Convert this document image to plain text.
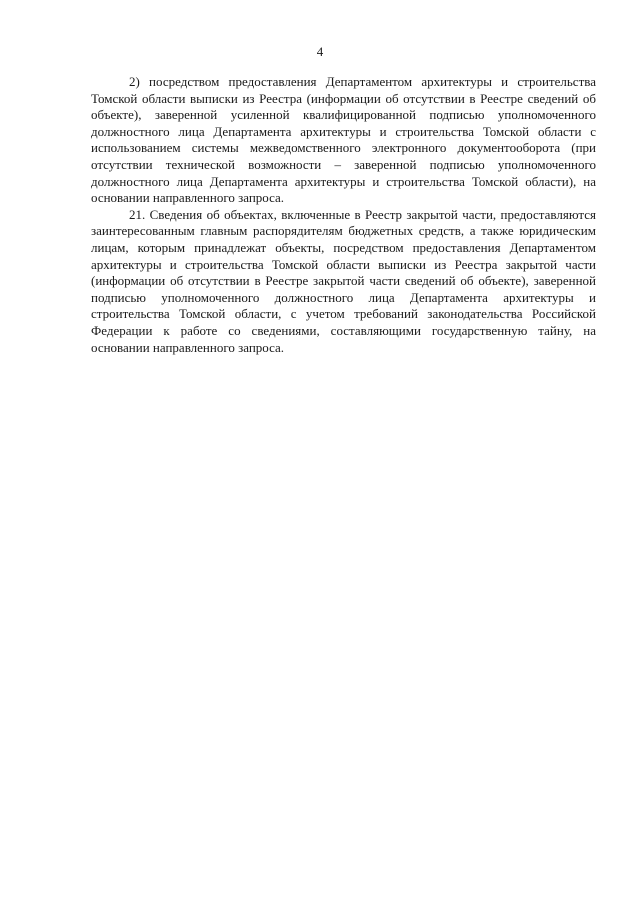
4

2) посредством предоставления Департаментом архитектуры и строительства Томской области выписки из Реестра (информации об отсутствии в Реестре сведений об объекте), заверенной усиленной квалифицированной подписью уполномоченного должностного лица Департамента архитектуры и строительства Томской области с использованием системы межведомственного электронного документооборота (при отсутствии технической возможности – заверенной подписью уполномоченного должностного лица Департамента архитектуры и строительства Томской области), на основании направленного запроса.

21. Сведения об объектах, включенные в Реестр закрытой части, предоставляются заинтересованным главным распорядителям бюджетных средств, а также юридическим лицам, которым принадлежат объекты, посредством предоставления Департаментом архитектуры и строительства Томской области выписки из Реестра закрытой части (информации об отсутствии в Реестре закрытой части сведений об объекте), заверенной подписью уполномоченного должностного лица Департамента архитектуры и строительства Томской области, с учетом требований законодательства Российской Федерации к работе со сведениями, составляющими государственную тайну, на основании направленного запроса.
